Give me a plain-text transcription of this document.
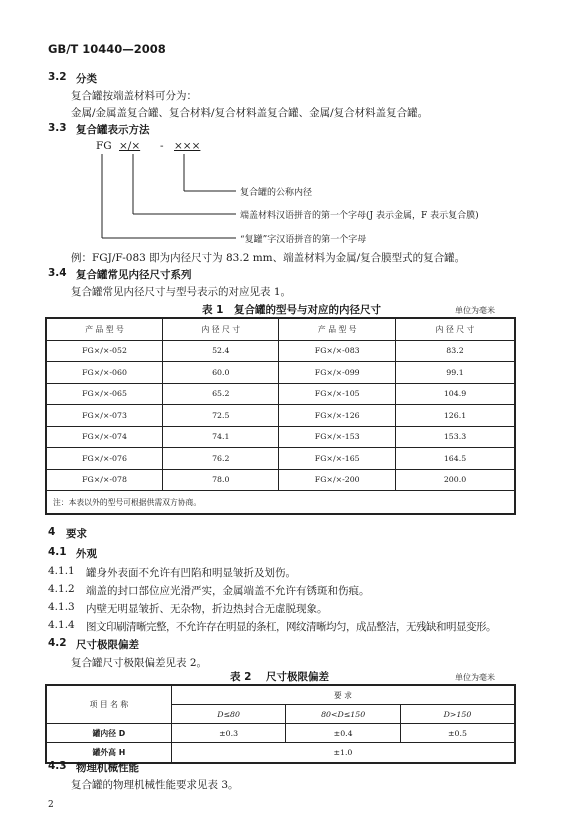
GB/T 10440—2008
3.2 分类
复合罐按端盖材料可分为：
金属/金属盖复合罐、复合材料/复合材料盖复合罐、金属/复合材料盖复合罐。
3.3 复合罐表示方法
FG ×/× - ×××
复合罐的公称内径
端盖材料汉语拼音的第一个字母(J 表示金属，F 表示复合膜)
“复罐”字汉语拼音的第一个字母
例：FGJ/F-083 即为内径尺寸为 83.2 mm、端盖材料为金属/复合膜型式的复合罐。
3.4 复合罐常见内径尺寸系列
复合罐常见内径尺寸与型号表示的对应见表 1。
表 1 复合罐的型号与对应的内径尺寸	单位为毫米
产 品 型 号	内 径 尺 寸	产 品 型 号	内 径 尺 寸
FG×/×-052	52.4	FG×/×-083	83.2
FG×/×-060	60.0	FG×/×-099	99.1
FG×/×-065	65.2	FG×/×-105	104.9
FG×/×-073	72.5	FG×/×-126	126.1
FG×/×-074	74.1	FG×/×-153	153.3
FG×/×-076	76.2	FG×/×-165	164.5
FG×/×-078	78.0	FG×/×-200	200.0
注：本表以外的型号可根据供需双方协商。			
4 要求
4.1 外观
4.1.1 罐身外表面不允许有凹陷和明显皱折及划伤。
4.1.2 端盖的封口部位应光滑严实，金属端盖不允许有锈斑和伤痕。
4.1.3 内壁无明显皱折、无杂物，折边热封合无虚脱现象。
4.1.4 图文印刷清晰完整，不允许存在明显的条杠，网纹清晰均匀，成品整洁，无残缺和明显变形。
4.2 尺寸极限偏差
复合罐尺寸极限偏差见表 2。
表 2 尺寸极限偏差	单位为毫米
项 目 名 称	要 求		
	D≤80	80<D≤150	D>150
罐内径 D	±0.3	±0.4	±0.5
罐外高 H	±1.0		
4.3 物理机械性能
复合罐的物理机械性能要求见表 3。
2
